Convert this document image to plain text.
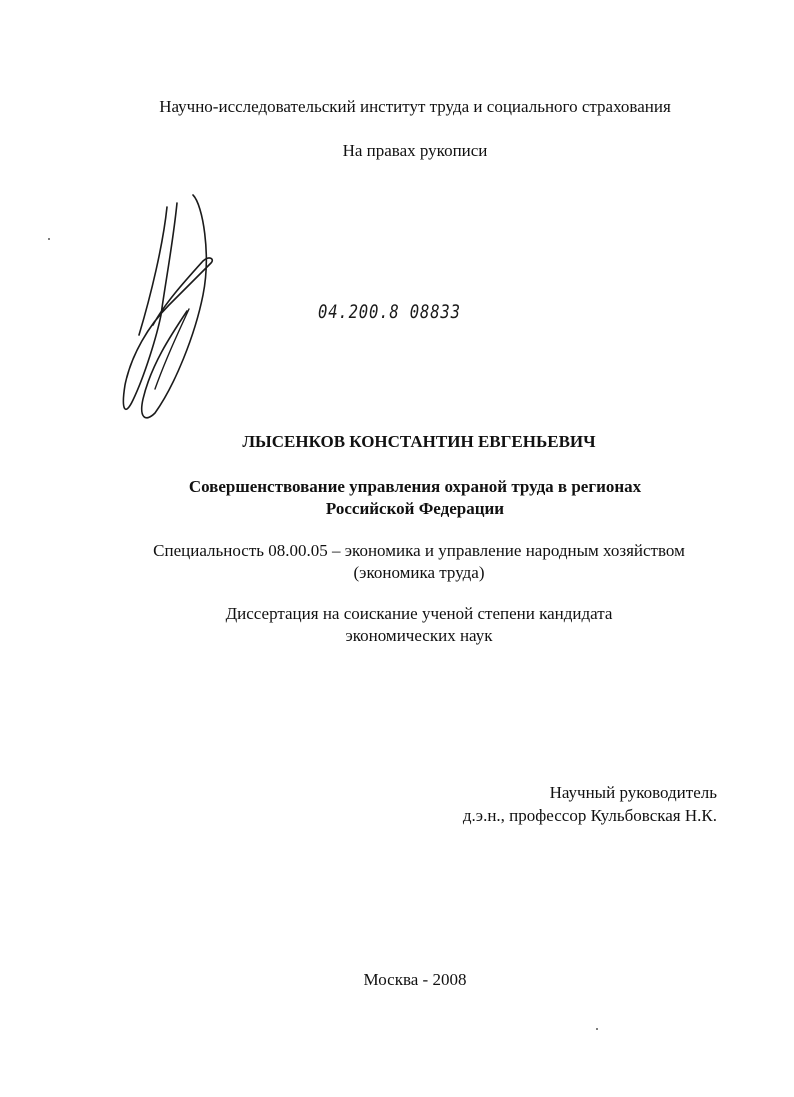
Научно-исследовательский институт труда и социального страхования
На правах рукописи
04.200.8 08833
ЛЫСЕНКОВ КОНСТАНТИН ЕВГЕНЬЕВИЧ
Совершенствование управления охраной труда в регионах
Российской Федерации
Специальность 08.00.05 – экономика и управление народным хозяйством
(экономика труда)
Диссертация на соискание ученой степени кандидата
экономических наук
Научный руководитель
д.э.н., профессор Кульбовская Н.К.
Москва - 2008
